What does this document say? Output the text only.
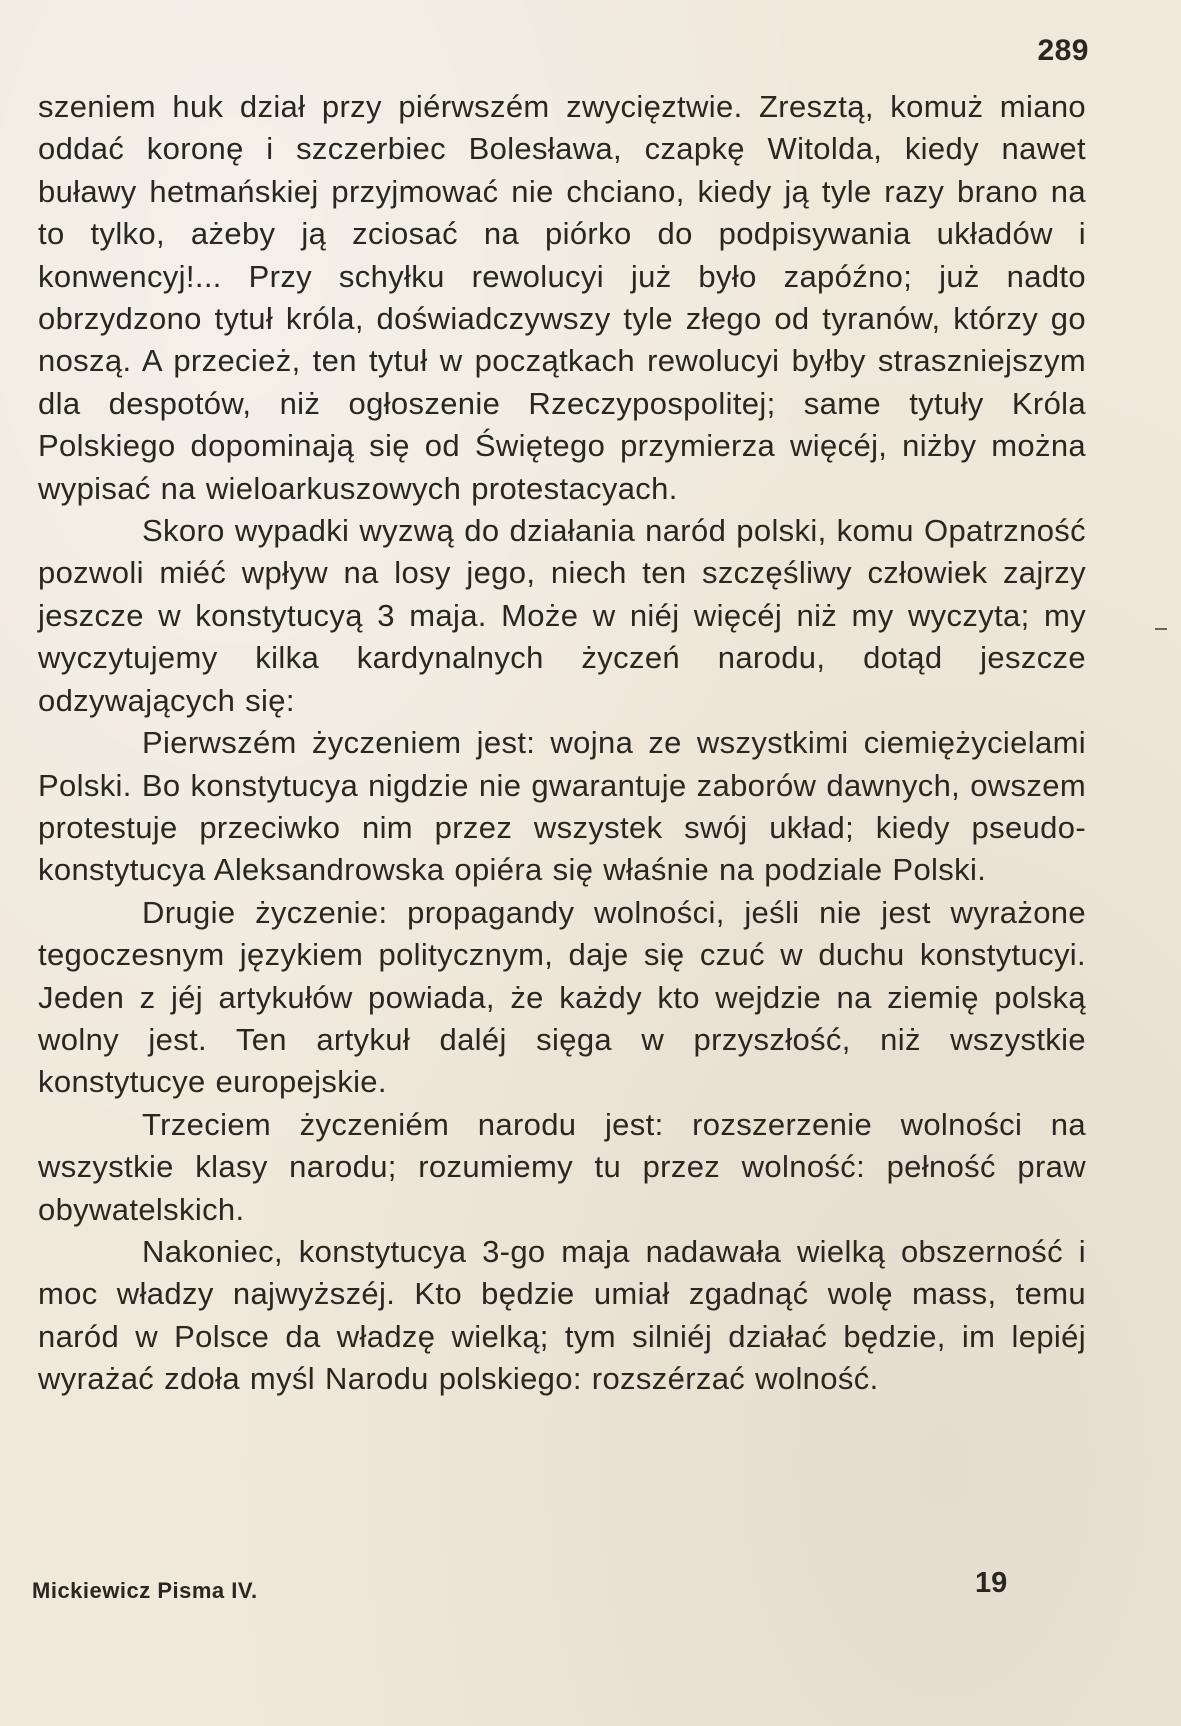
289

szeniem huk dział przy piérwszém zwycięztwie. Zresztą, komuż miano oddać koronę i szczerbiec Bolesława, czapkę Witolda, kiedy nawet buławy hetmańskiej przyjmować nie chciano, kiedy ją tyle razy brano na to tylko, ażeby ją zciosać na piórko do podpisywania układów i konwencyj!... Przy schyłku rewolucyi już było zapóźno; już nadto obrzydzono tytuł króla, doświadczywszy tyle złego od tyranów, którzy go noszą. A przecież, ten tytuł w początkach rewolucyi byłby straszniejszym dla despotów, niż ogłoszenie Rzeczypospolitej; same tytuły Króla Polskiego dopominają się od Świętego przymierza więcéj, niżby można wypisać na wieloarkuszowych protestacyach.

Skoro wypadki wyzwą do działania naród polski, komu Opatrzność pozwoli miéć wpływ na losy jego, niech ten szczęśliwy człowiek zajrzy jeszcze w konstytucyą 3 maja. Może w niéj więcéj niż my wyczyta; my wyczytujemy kilka kardynalnych życzeń narodu, dotąd jeszcze odzywających się:

Pierwszém życzeniem jest: wojna ze wszystkimi ciemiężycielami Polski. Bo konstytucya nigdzie nie gwarantuje zaborów dawnych, owszem protestuje przeciwko nim przez wszystek swój układ; kiedy pseudo-konstytucya Aleksandrowska opiéra się właśnie na podziale Polski.

Drugie życzenie: propagandy wolności, jeśli nie jest wyrażone tegoczesnym językiem politycznym, daje się czuć w duchu konstytucyi. Jeden z jéj artykułów powiada, że każdy kto wejdzie na ziemię polską wolny jest. Ten artykuł daléj sięga w przyszłość, niż wszystkie konstytucye europejskie.

Trzeciem życzeniém narodu jest: rozszerzenie wolności na wszystkie klasy narodu; rozumiemy tu przez wolność: pełność praw obywatelskich.

Nakoniec, konstytucya 3-go maja nadawała wielką obszerność i moc władzy najwyższéj. Kto będzie umiał zgadnąć wolę mass, temu naród w Polsce da władzę wielką; tym silniéj działać będzie, im lepiéj wyrażać zdoła myśl Narodu polskiego: rozszérzać wolność.

Mickiewicz Pisma IV.	19
